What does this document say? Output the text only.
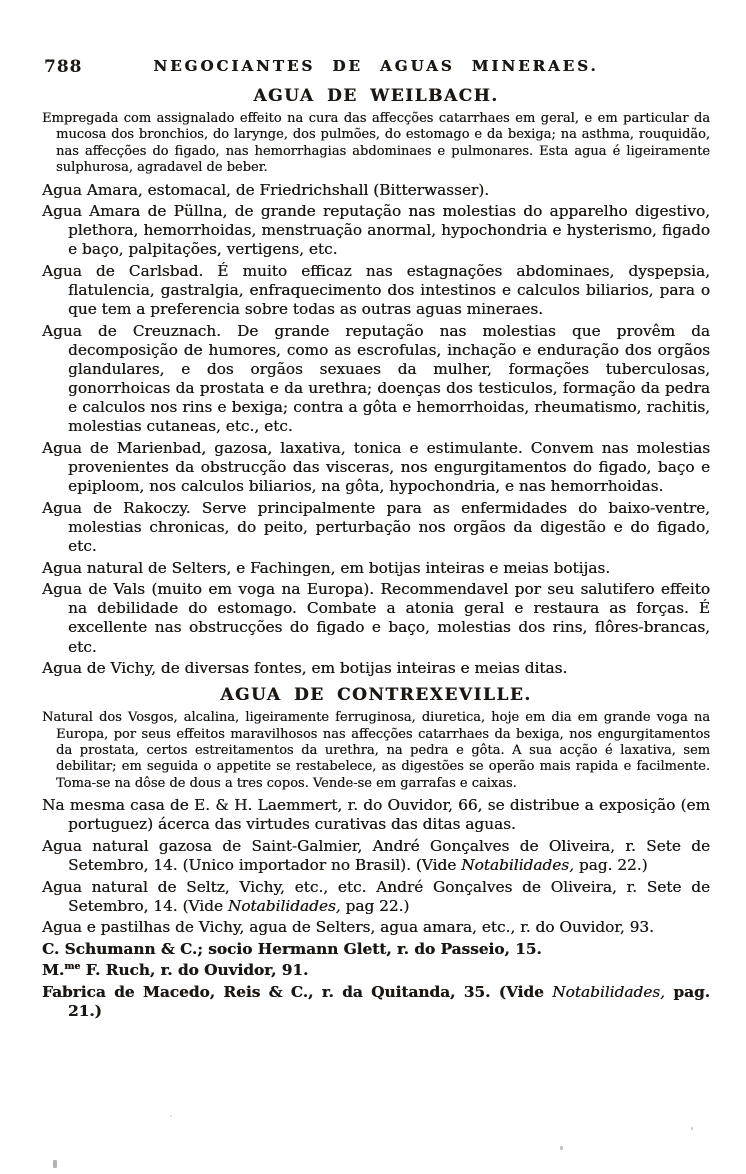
788	NEGOCIANTES DE AGUAS MINERAES.
AGUA DE WEILBACH.

Empregada com assignalado effeito na cura das affecções catarrhaes em geral, e em particular da mucosa dos bronchios, do larynge, dos pulmões, do estomago e da bexiga; na asthma, rouquidão, nas affecções do figado, nas hemorrhagias abdominaes e pulmonares. Esta agua é ligeiramente sulphurosa, agradavel de beber.

Agua Amara, estomacal, de Friedrichshall (Bitterwasser).

Agua Amara de Püllna, de grande reputação nas molestias do apparelho digestivo, plethora, hemorrhoidas, menstruação anormal, hypochondria e hysterismo, figado e baço, palpitações, vertigens, etc.

Agua de Carlsbad. É muito efficaz nas estagnações abdominaes, dyspepsia, flatulencia, gastralgia, enfraquecimento dos intestinos e calculos biliarios, para o que tem a preferencia sobre todas as outras aguas mineraes.

Agua de Creuznach. De grande reputação nas molestias que provêm da decomposição de humores, como as escrofulas, inchação e enduração dos orgãos glandulares, e dos orgãos sexuaes da mulher, formações tuberculosas, gonorrhoicas da prostata e da urethra; doenças dos testiculos, formação da pedra e calculos nos rins e bexiga; contra a gôta e hemorrhoidas, rheumatismo, rachitis, molestias cutaneas, etc., etc.

Agua de Marienbad, gazosa, laxativa, tonica e estimulante. Convem nas molestias provenientes da obstrucção das visceras, nos engurgitamentos do figado, baço e epiploom, nos calculos biliarios, na gôta, hypochondria, e nas hemorrhoidas.

Agua de Rakoczy. Serve principalmente para as enfermidades do baixo-ventre, molestias chronicas, do peito, perturbação nos orgãos da digestão e do figado, etc.

Agua natural de Selters, e Fachingen, em botijas inteiras e meias botijas.

Agua de Vals (muito em voga na Europa). Recommendavel por seu salutifero effeito na debilidade do estomago. Combate a atonia geral e restaura as forças. É excellente nas obstrucções do figado e baço, molestias dos rins, flôres-brancas, etc.

Agua de Vichy, de diversas fontes, em botijas inteiras e meias ditas.

AGUA DE CONTREXEVILLE.

Natural dos Vosgos, alcalina, ligeiramente ferruginosa, diuretica, hoje em dia em grande voga na Europa, por seus effeitos maravilhosos nas affecções catarrhaes da bexiga, nos engurgitamentos da prostata, certos estreitamentos da urethra, na pedra e gôta. A sua acção é laxativa, sem debilitar; em seguida o appetite se restabelece, as digestões se operão mais rapida e facilmente. Toma-se na dôse de dous a tres copos. Vende-se em garrafas e caixas.

Na mesma casa de E. & H. Laemmert, r. do Ouvidor, 66, se distribue a exposição (em portuguez) ácerca das virtudes curativas das ditas aguas.

Agua natural gazosa de Saint-Galmier, André Gonçalves de Oliveira, r. Sete de Setembro, 14. (Unico importador no Brasil). (Vide Notabilidades, pag. 22.)

Agua natural de Seltz, Vichy, etc., etc. André Gonçalves de Oliveira, r. Sete de Setembro, 14. (Vide Notabilidades, pag 22.)

Agua e pastilhas de Vichy, agua de Selters, agua amara, etc., r. do Ouvidor, 93.

C. Schumann & C.; socio Hermann Glett, r. do Passeio, 15.

M.$^{me}$ F. Ruch, r. do Ouvidor, 91.

Fabrica de Macedo, Reis & C., r. da Quitanda, 35. (Vide Notabilidades, pag. 21.)
